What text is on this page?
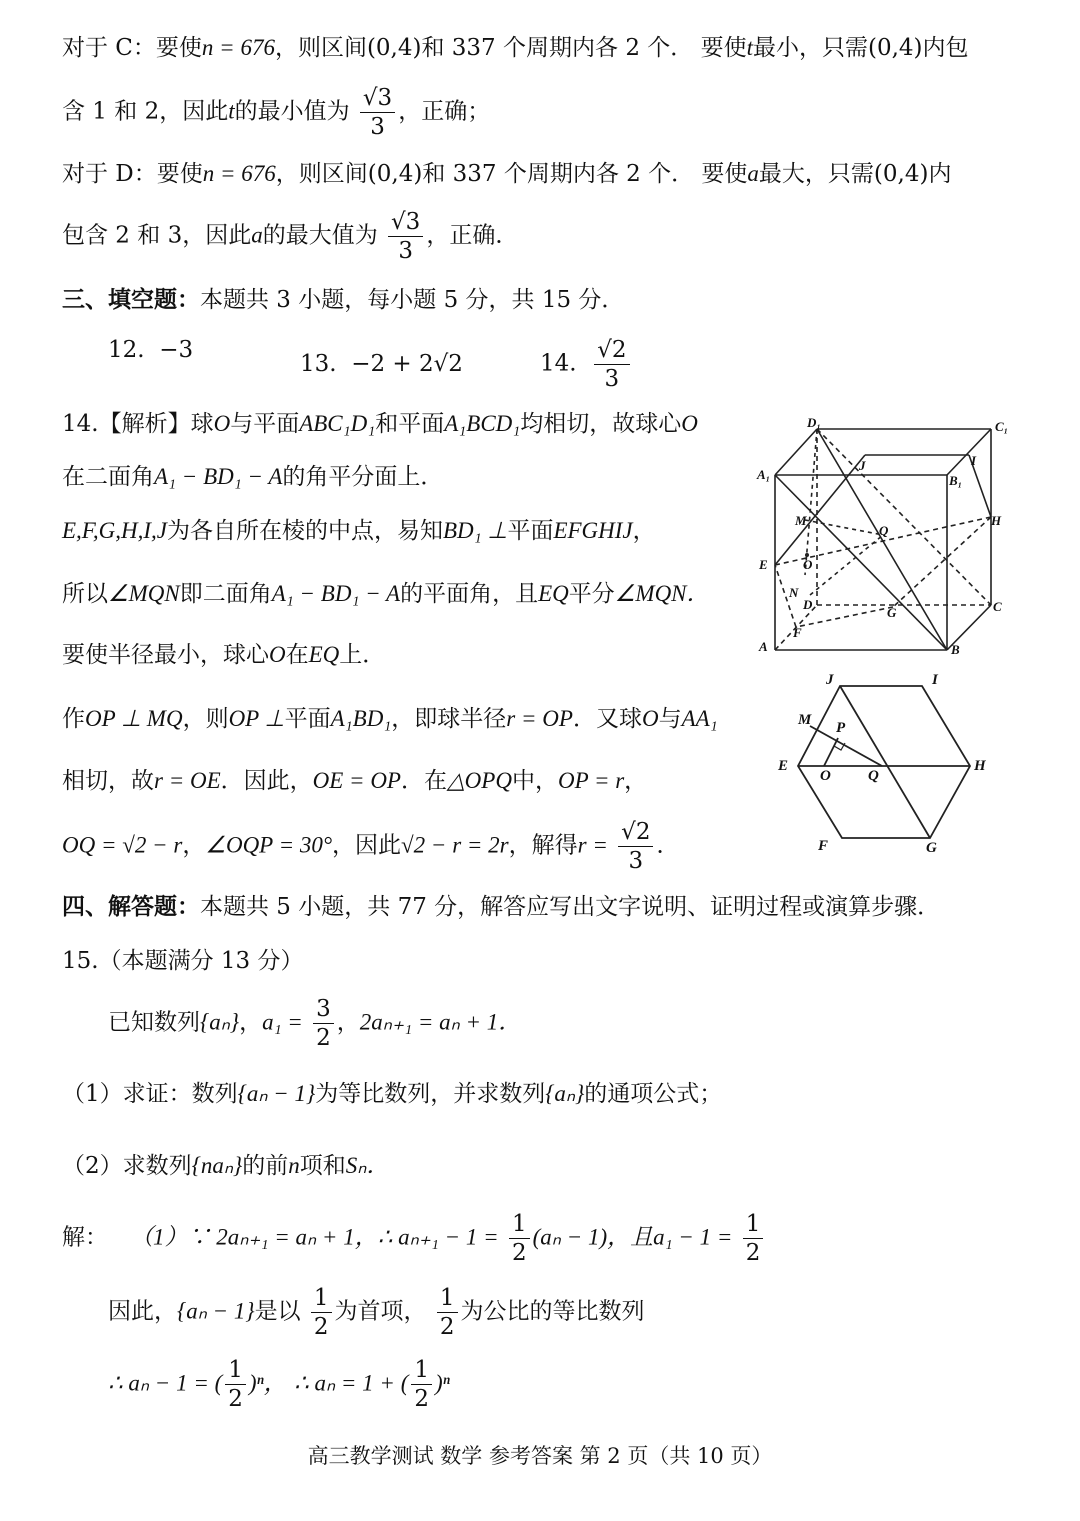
对于 C：要使n = 676，则区间(0,4)和 337 个周期内各 2 个． 要使t最小，只需(0,4)内包
含 1 和 2，因此t的最小值为 $\frac{√3}{3}$ ，正确；
对于 D：要使n = 676，则区间(0,4)和 337 个周期内各 2 个． 要使a最大，只需(0,4)内
包含 2 和 3，因此a的最大值为 $\frac{√3}{3}$ ，正确．
三、填空题：本题共 3 小题，每小题 5 分，共 15 分．
12. −3
13. −2 + 2√2	14. $\frac{√2}{3}$
14.【解析】球O与平面ABC₁D₁和平面A₁BCD₁均相切，故球心O
在二面角A₁ − BD₁ − A的角平分面上．
E,F,G,H,I,J为各自所在棱的中点，易知BD₁ ⊥平面EFGHIJ，
所以∠MQN即二面角A₁ − BD₁ − A的平面角，且EQ平分∠MQN．
要使半径最小，球心O在EQ上．
作OP ⊥ MQ，则OP ⊥平面A₁BD₁，即球半径r = OP．又球O与AA₁
相切，故r = OE．因此，OE = OP．在△OPQ中，OP = r，
OQ = √2 − r，∠OQP = 30°，因此√2 − r = 2r，解得$r = \frac{√2}{3}$ ．
D₁	C₁
A₁	B₁
J	I
M
Q
H
E	O
N
D
G	C
F
A	B
J	I
M P
E
O Q
H
F	G
四、解答题：本题共 5 小题，共 77 分，解答应写出文字说明、证明过程或演算步骤．
15.（本题满分 13 分）
已知数列{aₙ}，$a_1 = \frac{3}{2}$ ，2aₙ₊₁ = aₙ + 1．
（1）求证：数列{aₙ − 1}为等比数列，并求数列{aₙ}的通项公式；
（2）求数列{naₙ}的前n项和Sₙ．
解： （1）∵ 2aₙ₊₁ = aₙ + 1，∴ $a_{n+1} - 1 = \frac{1}{2} (a_n - 1)$，且$a_1 - 1 = \frac{1}{2}$
因此，{aₙ − 1}是以 $\frac{1}{2}$ 为首项， $\frac{1}{2}$ 为公比的等比数列
∴ aₙ − 1 = ( $\frac{1}{2} )^n$， ∴ aₙ = 1 + ( $\frac{1}{2} )^n$
高三教学测试 数学 参考答案 第 2 页（共 10 页）
